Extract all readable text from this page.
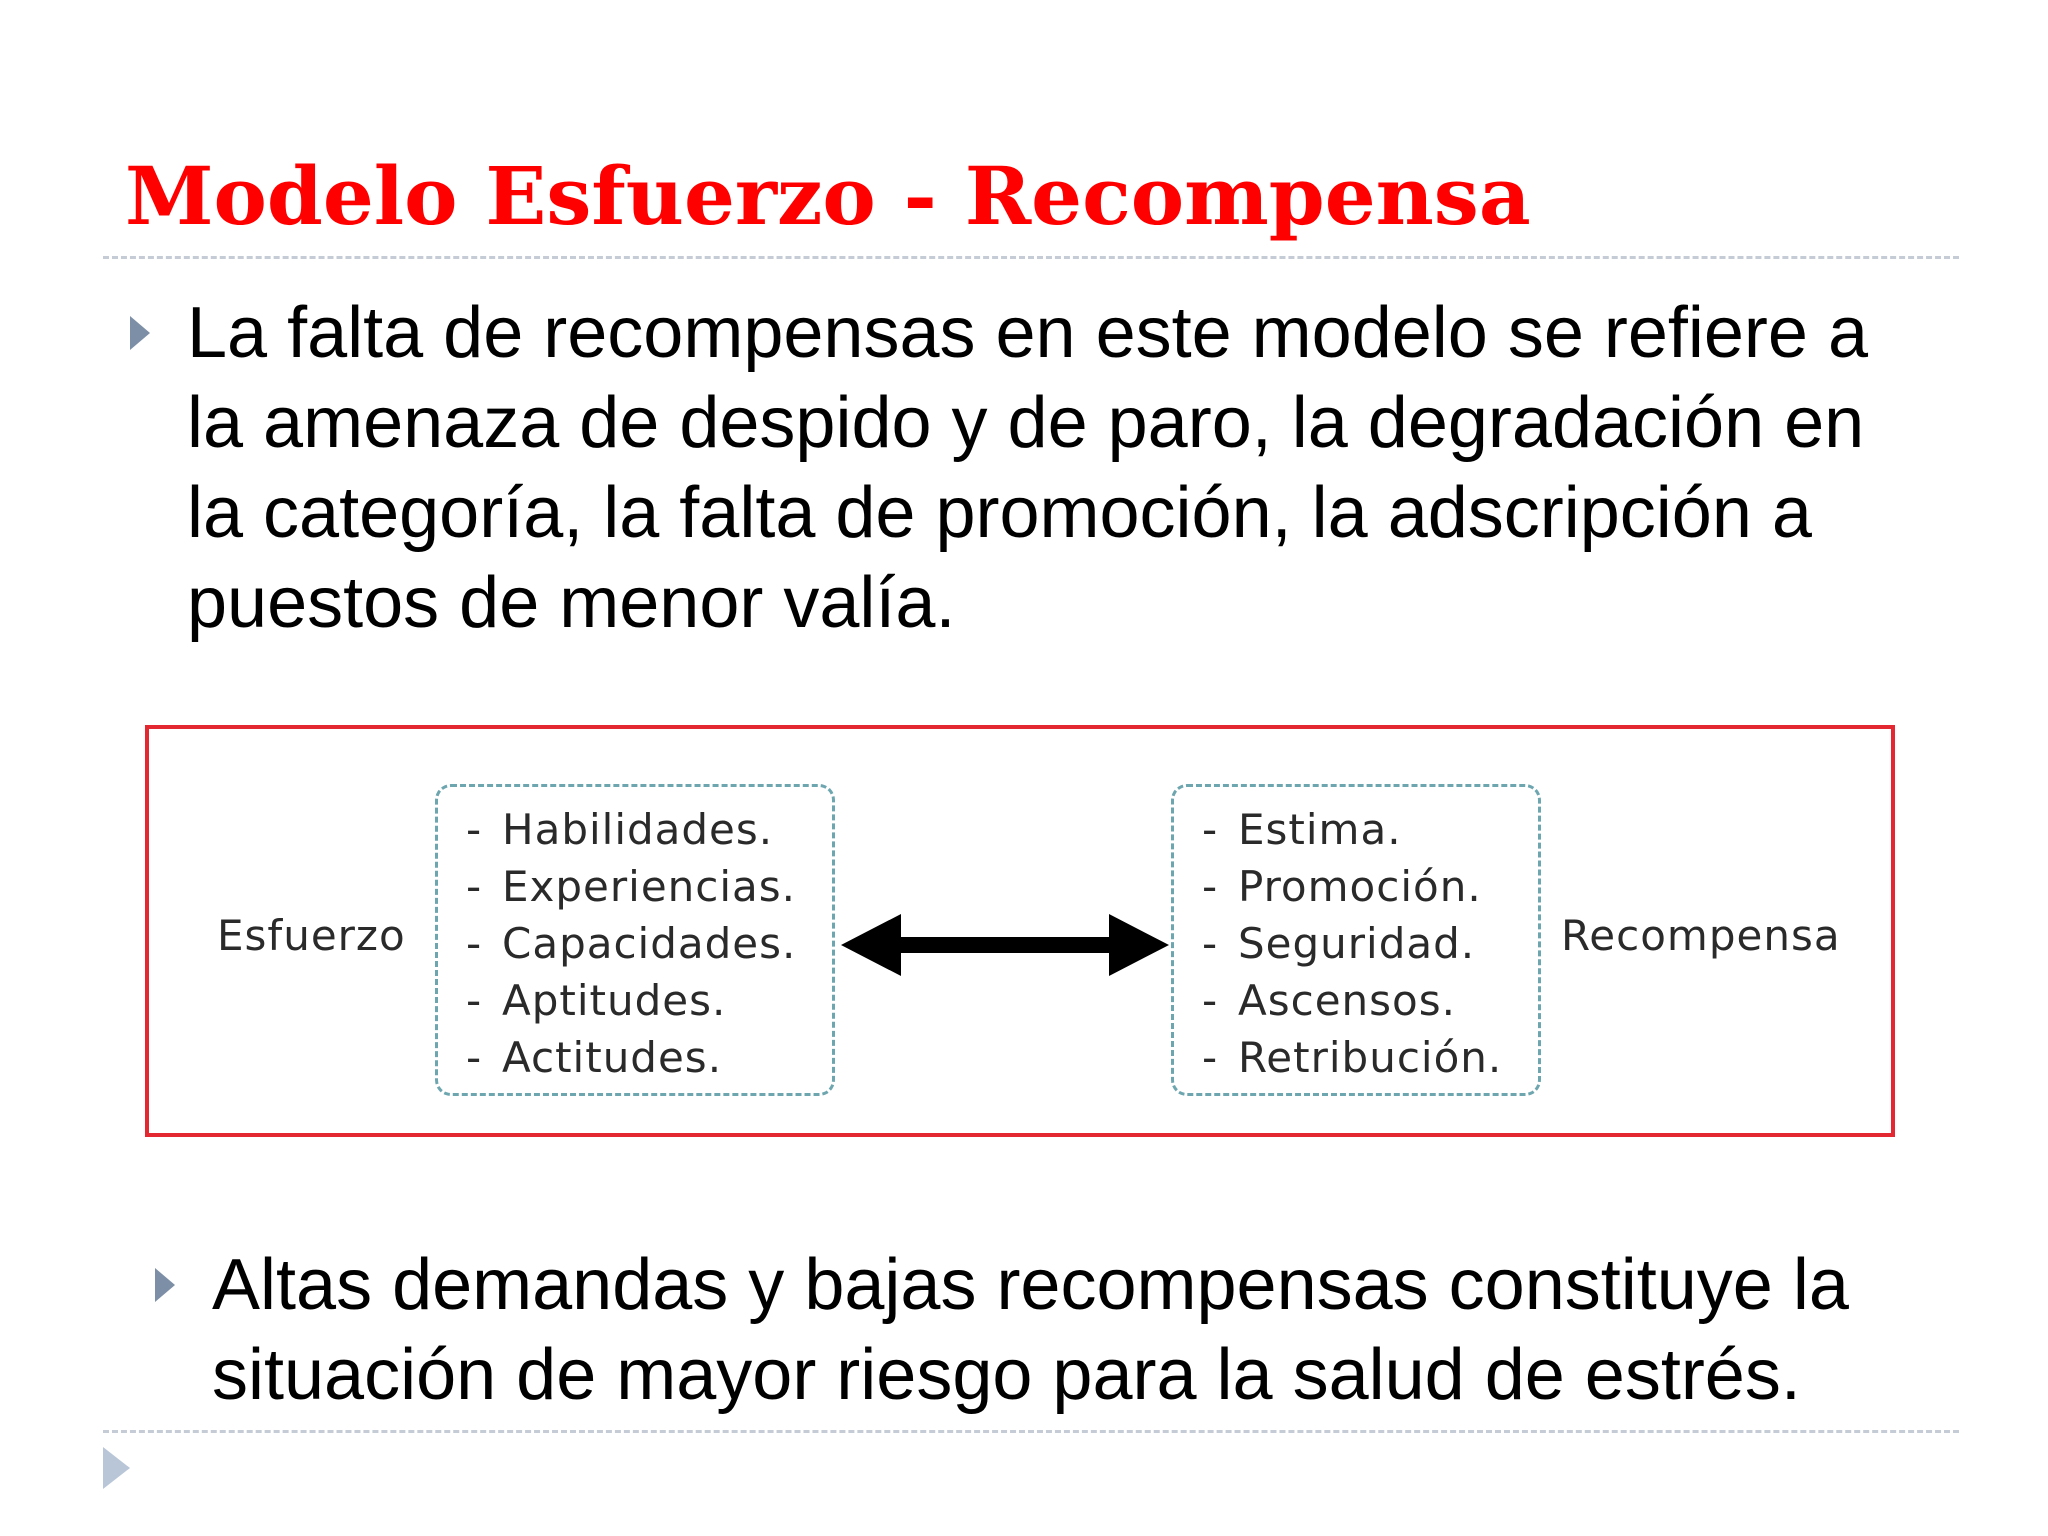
Modelo Esfuerzo - Recompensa
La falta de recompensas en este modelo se refiere a la amenaza de despido y de paro, la degradación en la categoría, la falta de promoción, la adscripción a puestos de menor valía.
Esfuerzo
- Habilidades.
- Experiencias.
- Capacidades.
- Aptitudes.
- Actitudes.
- Estima.
- Promoción.
- Seguridad.
- Ascensos.
- Retribución.
Recompensa
Altas demandas y bajas recompensas constituye la situación de mayor riesgo para la salud de estrés.
